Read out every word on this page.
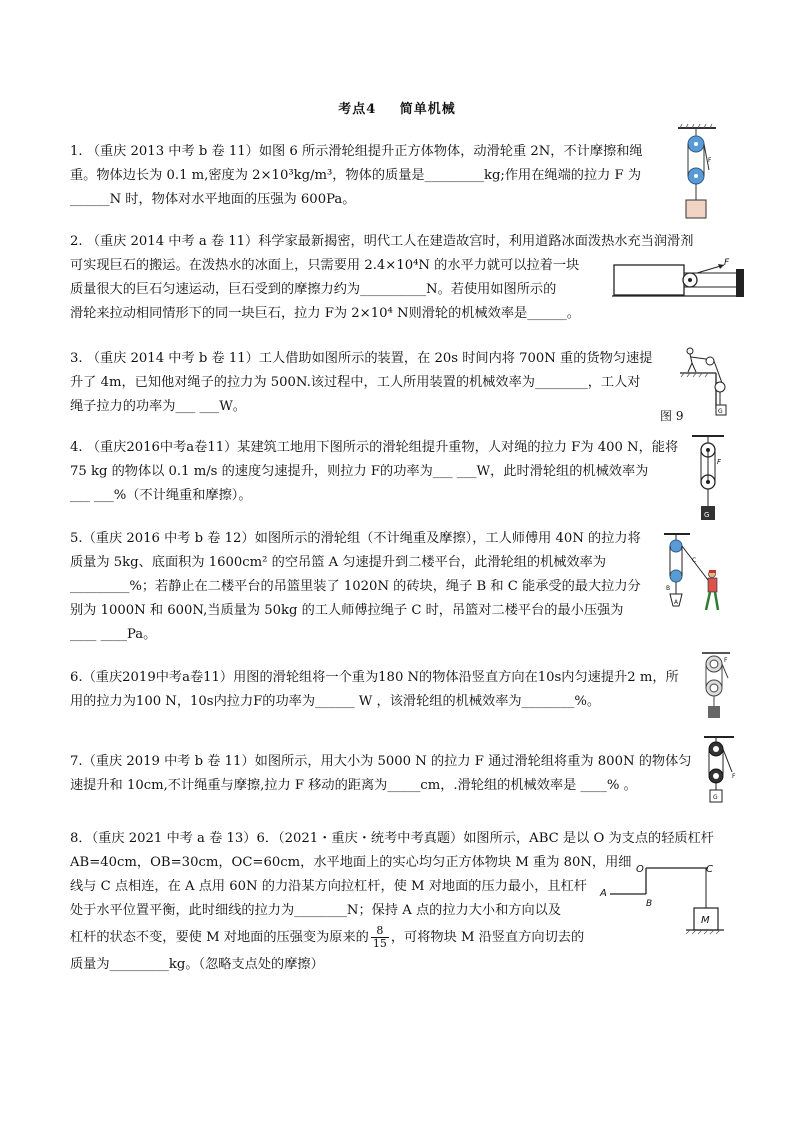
考点4 简单机械
1. （重庆 2013 中考 b 卷 11）如图 6 所示滑轮组提升正方体物体，动滑轮重 2N，不计摩擦和绳
重。物体边长为 0.1 m,密度为 2×10³kg/m³，物体的质量是_________kg;作用在绳端的拉力 F 为
______N 时，物体对水平地面的压强为 600Pa。
F
2. （重庆 2014 中考 a 卷 11）科学家最新揭密，明代工人在建造故宫时，利用道路冰面泼热水充当润滑剂
可实现巨石的搬运。在泼热水的冰面上，只需要用 2.4×10⁴N 的水平力就可以拉着一块
质量很大的巨石匀速运动，巨石受到的摩擦力约为__________N。若使用如图所示的
滑轮来拉动相同情形下的同一块巨石，拉力 F为 2×10⁴ N则滑轮的机械效率是______。
F
3. （重庆 2014 中考 b 卷 11）工人借助如图所示的装置，在 20s 时间内将 700N 重的货物匀速提
升了 4m，已知他对绳子的拉力为 500N.该过程中，工人所用装置的机械效率为________，工人对
绳子拉力的功率为___ ___W。	G
图 9
4. （重庆2016中考a卷11）某建筑工地用下图所示的滑轮组提升重物，人对绳的拉力 F为 400 N，能将
75 kg 的物体以 0.1 m/s 的速度匀速提升，则拉力 F的功率为___ ___W，此时滑轮组的机械效率为
___ ___%（不计绳重和摩擦）。
F
G
5.（重庆 2016 中考 b 卷 12）如图所示的滑轮组（不计绳重及摩擦），工人师傅用 40N 的拉力将
质量为 5kg、底面积为 1600cm² 的空吊篮 A 匀速提升到二楼平台，此滑轮组的机械效率为
_________%；若静止在二楼平台的吊篮里装了 1020N 的砖块，绳子 B 和 C 能承受的最大拉力分
别为 1000N 和 600N,当质量为 50kg 的工人师傅拉绳子 C 时，吊篮对二楼平台的最小压强为
____ ____Pa。
B
A
C
6.（重庆2019中考a卷11）用图的滑轮组将一个重为180 N的物体沿竖直方向在10s内匀速提升2 m，所
用的拉力为100 N，10s内拉力F的功率为______ W ，该滑轮组的机械效率为________%。
F
7.（重庆 2019 中考 b 卷 11）如图所示，用大小为 5000 N 的拉力 F 通过滑轮组将重为 800N 的物体匀
速提升和 10cm,不计绳重与摩擦,拉力 F 移动的距离为_____cm，.滑轮组的机械效率是 ____% 。
F
G
8．（重庆 2021 中考 a 卷 13）6．（2021・重庆・统考中考真题）如图所示，ABC 是以 O 为支点的轻质杠杆
AB=40cm，OB=30cm，OC=60cm，水平地面上的实心均匀正方体物块 M 重为 80N，用细
线与 C 点相连，在 A 点用 60N 的力沿某方向拉杠杆，使 M 对地面的压力最小，且杠杆
处于水平位置平衡，此时细线的拉力为________N；保持 A 点的拉力大小和方向以及
杠杆的状态不变，要使 M 对地面的压强变为原来的 $\frac{8}{15}$ ，可将物块 M 沿竖直方向切去的
质量为_________kg。（忽略支点处的摩擦）
O	C
A
B
M
